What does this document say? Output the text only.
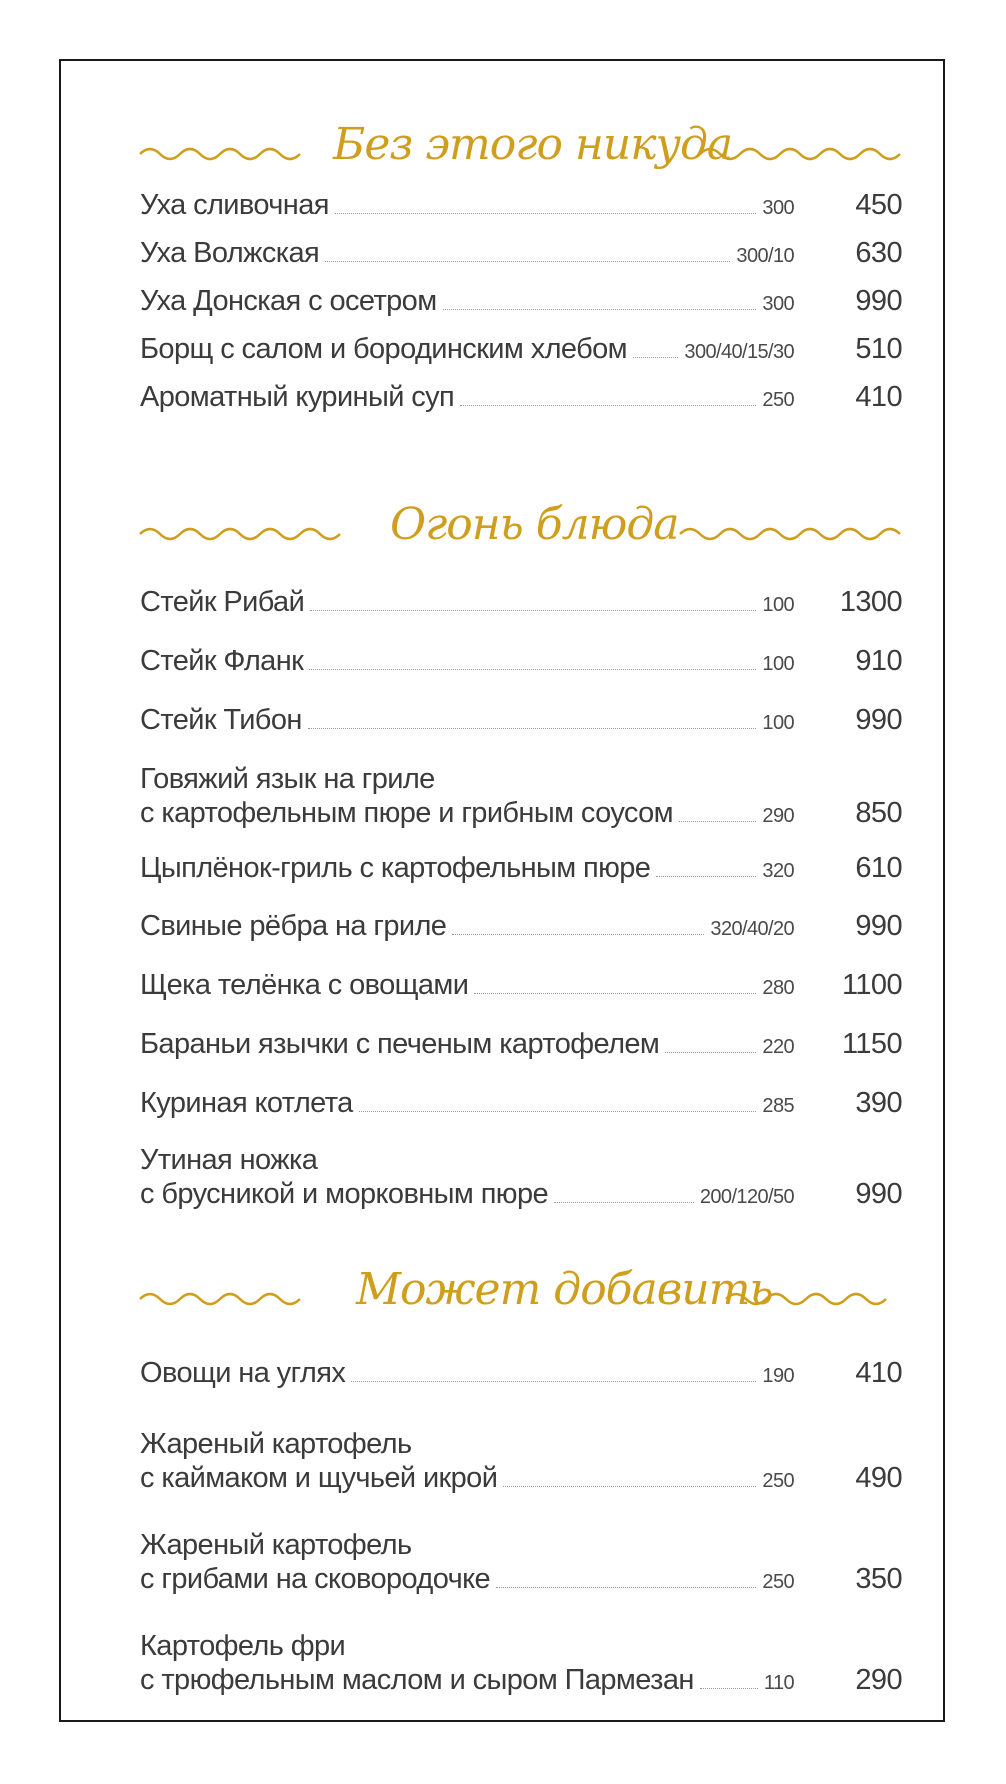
Без этого никуда
Уха сливочная	300	450
Уха Волжская	300/10	630
Уха Донская с осетром	300	990
Борщ с салом и бородинским хлебом	300/40/15/30	510
Ароматный куриный суп	250	410
Огонь блюда
Стейк Рибай	100	1300
Стейк Фланк	100	910
Стейк Тибон	100	990
Говяжий язык на гриле
с картофельным пюре и грибным соусом	290	850
Цыплёнок-гриль с картофельным пюре	320	610
Свиные рёбра на гриле	320/40/20	990
Щека телёнка с овощами	280	1100
Бараньи язычки с печеным картофелем	220	1150
Куриная котлета	285	390
Утиная ножка
с брусникой и морковным пюре	200/120/50	990
Может добавить
Овощи на углях	190	410
Жареный картофель
с каймаком и щучьей икрой	250	490
Жареный картофель
с грибами на сковородочке	250	350
Картофель фри
с трюфельным маслом и сыром Пармезан	110	290
